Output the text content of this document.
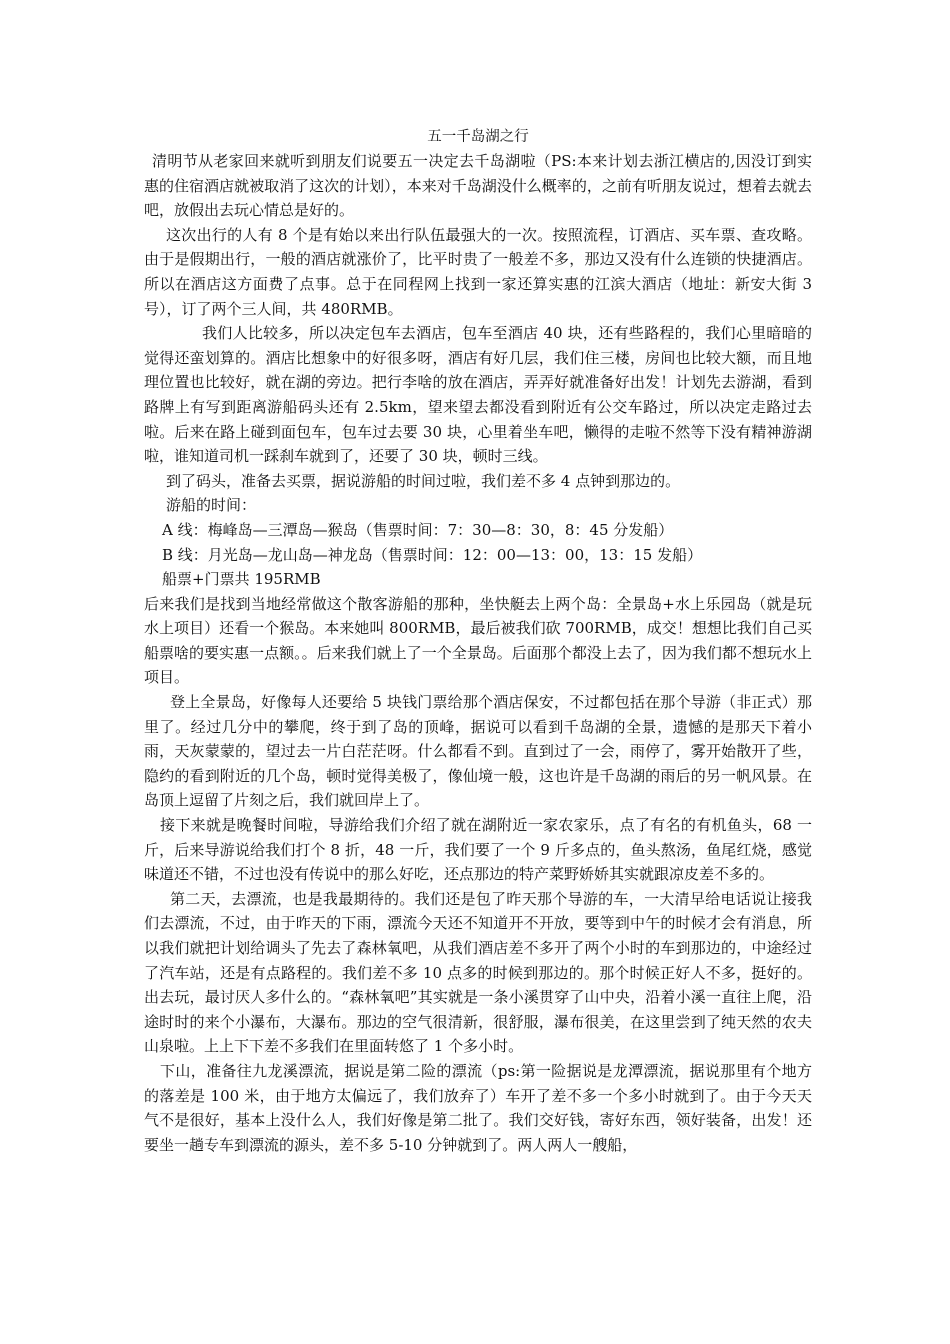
五一千岛湖之行

清明节从老家回来就听到朋友们说要五一决定去千岛湖啦（PS:本来计划去浙江横店的,因没订到实惠的住宿酒店就被取消了这次的计划），本来对千岛湖没什么概率的，之前有听朋友说过，想着去就去吧，放假出去玩心情总是好的。

这次出行的人有 8 个是有始以来出行队伍最强大的一次。按照流程，订酒店、买车票、查攻略。由于是假期出行，一般的酒店就涨价了，比平时贵了一般差不多，那边又没有什么连锁的快捷酒店。所以在酒店这方面费了点事。总于在同程网上找到一家还算实惠的江滨大酒店（地址：新安大街 3 号），订了两个三人间，共 480RMB。

我们人比较多，所以决定包车去酒店，包车至酒店 40 块，还有些路程的，我们心里暗暗的觉得还蛮划算的。酒店比想象中的好很多呀，酒店有好几层，我们住三楼，房间也比较大额，而且地理位置也比较好，就在湖的旁边。把行李啥的放在酒店，弄弄好就准备好出发！计划先去游湖，看到路牌上有写到距离游船码头还有 2.5km，望来望去都没看到附近有公交车路过，所以决定走路过去啦。后来在路上碰到面包车，包车过去要 30 块，心里着坐车吧，懒得的走啦不然等下没有精神游湖啦，谁知道司机一踩刹车就到了，还要了 30 块，顿时三线。

到了码头，准备去买票，据说游船的时间过啦，我们差不多 4 点钟到那边的。

游船的时间：

A 线：梅峰岛—三潭岛—猴岛（售票时间：7：30—8：30，8：45 分发船）

B 线：月光岛—龙山岛—神龙岛（售票时间：12：00—13：00，13：15 发船）

船票+门票共 195RMB

后来我们是找到当地经常做这个散客游船的那种，坐快艇去上两个岛：全景岛+水上乐园岛（就是玩水上项目）还看一个猴岛。本来她叫 800RMB，最后被我们砍 700RMB，成交！想想比我们自己买船票啥的要实惠一点额。。后来我们就上了一个全景岛。后面那个都没上去了，因为我们都不想玩水上项目。

登上全景岛，好像每人还要给 5 块钱门票给那个酒店保安，不过都包括在那个导游（非正式）那里了。经过几分中的攀爬，终于到了岛的顶峰，据说可以看到千岛湖的全景，遗憾的是那天下着小雨，天灰蒙蒙的，望过去一片白茫茫呀。什么都看不到。直到过了一会，雨停了，雾开始散开了些，隐约的看到附近的几个岛，顿时觉得美极了，像仙境一般，这也许是千岛湖的雨后的另一帆风景。在岛顶上逗留了片刻之后，我们就回岸上了。

接下来就是晚餐时间啦，导游给我们介绍了就在湖附近一家农家乐，点了有名的有机鱼头，68 一斤，后来导游说给我们打个 8 折，48 一斤，我们要了一个 9 斤多点的，鱼头熬汤，鱼尾红烧，感觉味道还不错，不过也没有传说中的那么好吃，还点那边的特产菜野娇娇其实就跟凉皮差不多的。

第二天，去漂流，也是我最期待的。我们还是包了昨天那个导游的车，一大清早给电话说让接我们去漂流，不过，由于昨天的下雨，漂流今天还不知道开不开放，要等到中午的时候才会有消息，所以我们就把计划给调头了先去了森林氧吧，从我们酒店差不多开了两个小时的车到那边的，中途经过了汽车站，还是有点路程的。我们差不多 10 点多的时候到那边的。那个时候正好人不多，挺好的。出去玩，最讨厌人多什么的。“森林氧吧”其实就是一条小溪贯穿了山中央，沿着小溪一直往上爬，沿途时时的来个小瀑布，大瀑布。那边的空气很清新，很舒服，瀑布很美，在这里尝到了纯天然的农夫山泉啦。上上下下差不多我们在里面转悠了 1 个多小时。

下山，准备往九龙溪漂流，据说是第二险的漂流（ps:第一险据说是龙潭漂流，据说那里有个地方的落差是 100 米，由于地方太偏远了，我们放弃了）车开了差不多一个多小时就到了。由于今天天气不是很好，基本上没什么人，我们好像是第二批了。我们交好钱，寄好东西，领好装备，出发！还要坐一趟专车到漂流的源头，差不多 5-10 分钟就到了。两人两人一艘船，
